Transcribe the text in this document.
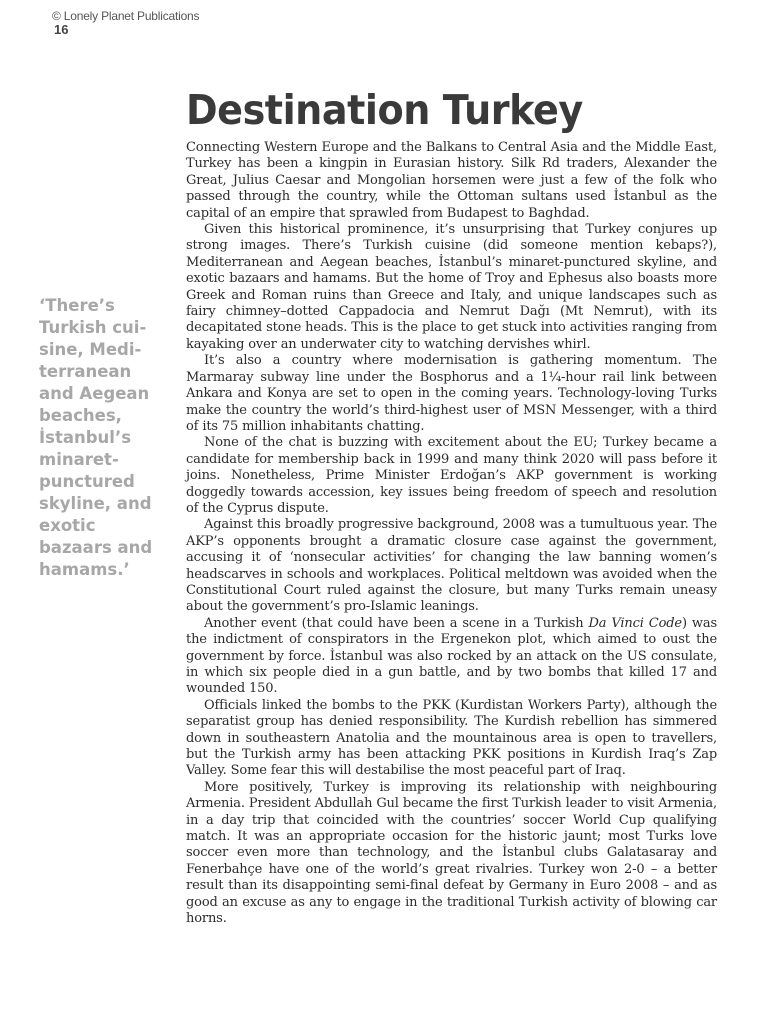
© Lonely Planet Publications
16
Destination Turkey
‘There’s
Turkish cui-
sine, Medi-
terranean
and Aegean
beaches,
İstanbul’s
minaret-
punctured
skyline, and
exotic
bazaars and
hamams.’

Connecting Western Europe and the Balkans to Central Asia and the Middle East, Turkey has been a kingpin in Eurasian history. Silk Rd traders, Alexander the Great, Julius Caesar and Mongolian horsemen were just a few of the folk who passed through the country, while the Ottoman sultans used İstanbul as the capital of an empire that sprawled from Budapest to Baghdad.

Given this historical prominence, it’s unsurprising that Turkey conjures up strong images. There’s Turkish cuisine (did someone mention kebaps?), Mediterranean and Aegean beaches, İstanbul’s minaret-punctured skyline, and exotic bazaars and hamams. But the home of Troy and Ephesus also boasts more Greek and Roman ruins than Greece and Italy, and unique landscapes such as fairy chimney–dotted Cappadocia and Nemrut Dağı (Mt Nemrut), with its decapitated stone heads. This is the place to get stuck into activities ranging from kayaking over an underwater city to watching dervishes whirl.

It’s also a country where modernisation is gathering momentum. The Marmaray subway line under the Bosphorus and a 1¼-hour rail link between Ankara and Konya are set to open in the coming years. Technology-loving Turks make the country the world’s third-highest user of MSN Messenger, with a third of its 75 million inhabitants chatting.

None of the chat is buzzing with excitement about the EU; Turkey became a candidate for membership back in 1999 and many think 2020 will pass before it joins. Nonetheless, Prime Minister Erdoğan’s AKP government is working doggedly towards accession, key issues being freedom of speech and resolution of the Cyprus dispute.

Against this broadly progressive background, 2008 was a tumultuous year. The AKP’s opponents brought a dramatic closure case against the government, accusing it of ‘nonsecular activities’ for changing the law banning women’s headscarves in schools and workplaces. Political meltdown was avoided when the Constitutional Court ruled against the closure, but many Turks remain uneasy about the government’s pro-Islamic leanings.

Another event (that could have been a scene in a Turkish Da Vinci Code) was the indictment of conspirators in the Ergenekon plot, which aimed to oust the government by force. İstanbul was also rocked by an attack on the US consulate, in which six people died in a gun battle, and by two bombs that killed 17 and wounded 150.

Officials linked the bombs to the PKK (Kurdistan Workers Party), although the separatist group has denied responsibility. The Kurdish rebellion has simmered down in southeastern Anatolia and the mountainous area is open to travellers, but the Turkish army has been attacking PKK positions in Kurdish Iraq’s Zap Valley. Some fear this will destabilise the most peaceful part of Iraq.

More positively, Turkey is improving its relationship with neighbouring Armenia. President Abdullah Gul became the first Turkish leader to visit Armenia, in a day trip that coincided with the countries’ soccer World Cup qualifying match. It was an appropriate occasion for the historic jaunt; most Turks love soccer even more than technology, and the İstanbul clubs Galatasaray and Fenerbahçe have one of the world’s great rivalries. Turkey won 2-0 – a better result than its disappointing semi-final defeat by Germany in Euro 2008 – and as good an excuse as any to engage in the traditional Turkish activity of blowing car horns.
